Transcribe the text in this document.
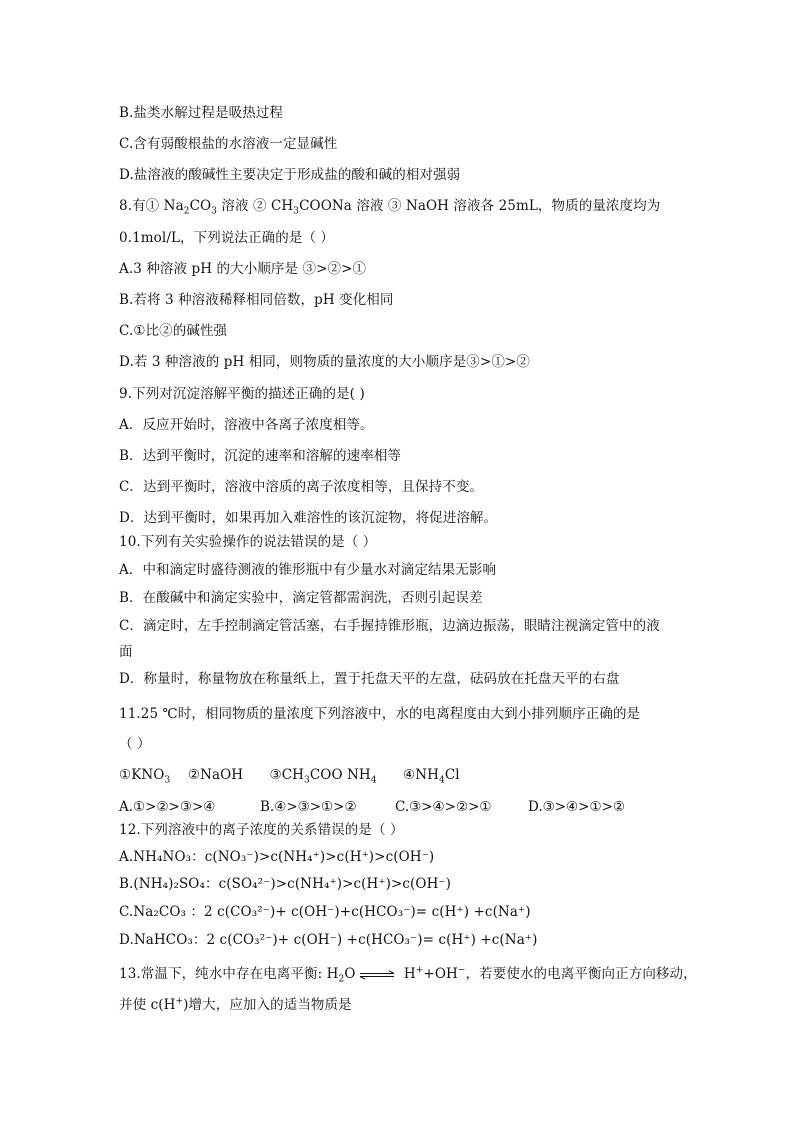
B.盐类水解过程是吸热过程
C.含有弱酸根盐的水溶液一定显碱性
D.盐溶液的酸碱性主要决定于形成盐的酸和碱的相对强弱
8.有① $Na_2CO_3$ 溶液 ② $CH_3COONa$ 溶液 ③ NaOH 溶液各 25mL，物质的量浓度均为
0.1mol/L，下列说法正确的是（ ）
A.3 种溶液 pH 的大小顺序是 ③>②>①
B.若将 3 种溶液稀释相同倍数，pH 变化相同
C.①比②的碱性强
D.若 3 种溶液的 pH 相同，则物质的量浓度的大小顺序是③>①>②
9.下列对沉淀溶解平衡的描述正确的是( )
A．反应开始时，溶液中各离子浓度相等。
B．达到平衡时，沉淀的速率和溶解的速率相等
C．达到平衡时，溶液中溶质的离子浓度相等，且保持不变。
D．达到平衡时，如果再加入难溶性的该沉淀物，将促进溶解。
10.下列有关实验操作的说法错误的是（ ）
A．中和滴定时盛待测液的锥形瓶中有少量水对滴定结果无影响
B．在酸碱中和滴定实验中，滴定管都需润洗，否则引起误差
C．滴定时，左手控制滴定管活塞，右手握持锥形瓶，边滴边振荡，眼睛注视滴定管中的液
面
D．称量时，称量物放在称量纸上，置于托盘天平的左盘，砝码放在托盘天平的右盘
11.25 ℃时，相同物质的量浓度下列溶液中，水的电离程度由大到小排列顺序正确的是
（ ）
$①KNO_3$    ②NaOH      $③CH_3COO$ $NH_4$      $④NH_4Cl$
A.①>②>③>④	B.④>③>①>②	C.③>④>②>①	D.③>④>①>②
12.下列溶液中的离子浓度的关系错误的是（ ）
A.NH₄NO₃：c(NO₃⁻)>c(NH₄⁺)>c(H⁺)>c(OH⁻)
B.(NH₄)₂SO₄：c(SO₄²⁻)>c(NH₄⁺)>c(H⁺)>c(OH⁻)
C.Na₂CO₃ ：2 c(CO₃²⁻)+ c(OH⁻)+c(HCO₃⁻)= c(H⁺) +c(Na⁺)
D.NaHCO₃：2 c(CO₃²⁻)+ c(OH⁻) +c(HCO₃⁻)= c(H⁺) +c(Na⁺)
13.常温下，纯水中存在电离平衡: $H_2O$ ⇌ H++OH−，若要使水的电离平衡向正方向移动，
并使 c(H+)增大，应加入的适当物质是
